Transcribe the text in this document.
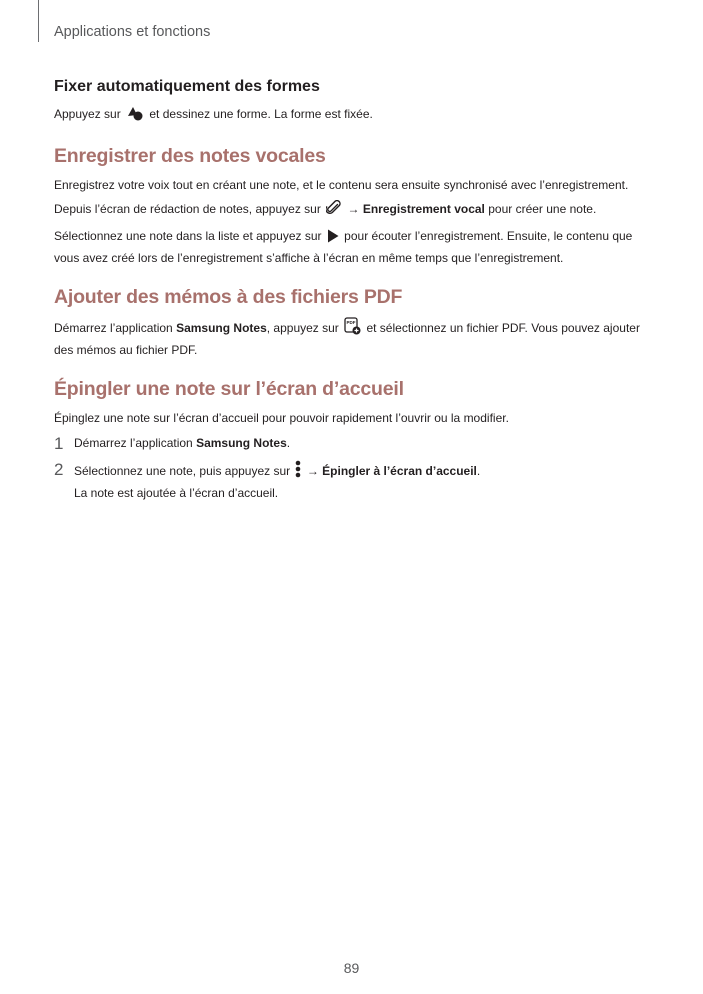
Applications et fonctions
Fixer automatiquement des formes

Appuyez sur  et dessinez une forme. La forme est fixée.

Enregistrer des notes vocales

Enregistrez votre voix tout en créant une note, et le contenu sera ensuite synchronisé avec l’enregistrement.

Depuis l’écran de rédaction de notes, appuyez sur  → Enregistrement vocal pour créer une note.

Sélectionnez une note dans la liste et appuyez sur  pour écouter l’enregistrement. Ensuite, le contenu que vous avez créé lors de l’enregistrement s’affiche à l’écran en même temps que l’enregistrement.

Ajouter des mémos à des fichiers PDF

Démarrez l’application Samsung Notes, appuyez sur PDF et sélectionnez un fichier PDF. Vous pouvez ajouter des mémos au fichier PDF.

Épingler une note sur l’écran d’accueil

Épinglez une note sur l’écran d’accueil pour pouvoir rapidement l’ouvrir ou la modifier.

1 Démarrez l’application Samsung Notes.

2 Sélectionnez une note, puis appuyez sur  → Épingler à l’écran d’accueil.

La note est ajoutée à l’écran d’accueil.

89
